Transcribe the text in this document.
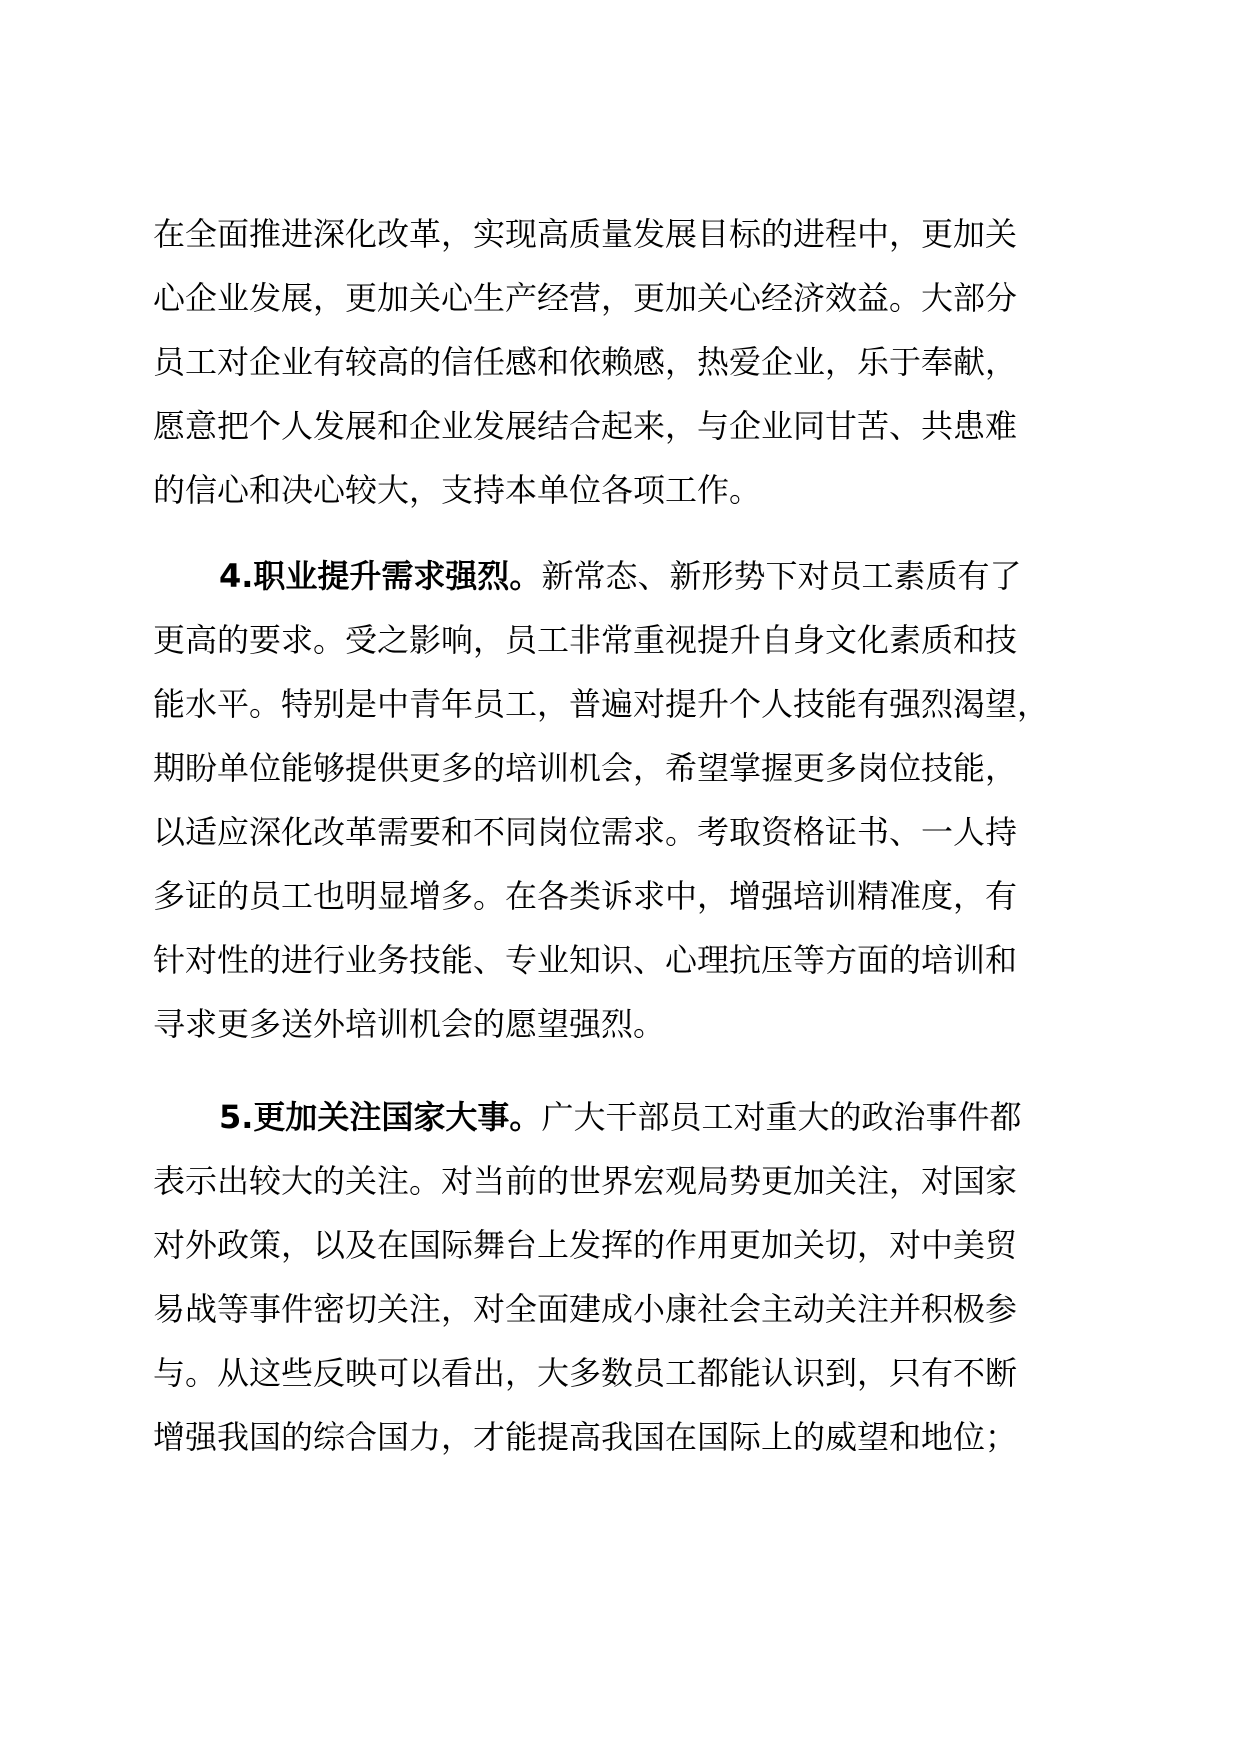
在全面推进深化改革，实现高质量发展目标的进程中，更加关
心企业发展，更加关心生产经营，更加关心经济效益。大部分
员工对企业有较高的信任感和依赖感，热爱企业，乐于奉献，
愿意把个人发展和企业发展结合起来，与企业同甘苦、共患难
的信心和决心较大，支持本单位各项工作。
4.职业提升需求强烈。新常态、新形势下对员工素质有了
更高的要求。受之影响，员工非常重视提升自身文化素质和技
能水平。特别是中青年员工，普遍对提升个人技能有强烈渴望，
期盼单位能够提供更多的培训机会，希望掌握更多岗位技能，
以适应深化改革需要和不同岗位需求。考取资格证书、一人持
多证的员工也明显增多。在各类诉求中，增强培训精准度，有
针对性的进行业务技能、专业知识、心理抗压等方面的培训和
寻求更多送外培训机会的愿望强烈。
5.更加关注国家大事。广大干部员工对重大的政治事件都
表示出较大的关注。对当前的世界宏观局势更加关注，对国家
对外政策，以及在国际舞台上发挥的作用更加关切，对中美贸
易战等事件密切关注，对全面建成小康社会主动关注并积极参
与。从这些反映可以看出，大多数员工都能认识到，只有不断
增强我国的综合国力，才能提高我国在国际上的威望和地位；
